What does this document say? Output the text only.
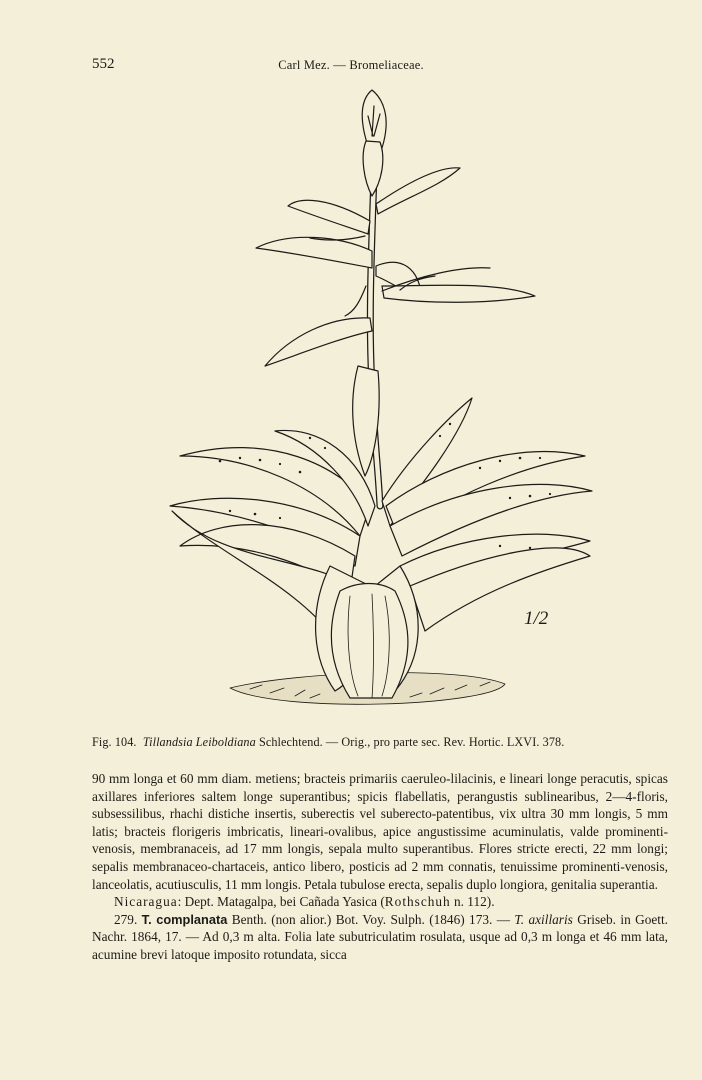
552	Carl Mez. — Bromeliaceae.
1/2
Fig. 104. Tillandsia Leiboldiana Schlechtend. — Orig., pro parte sec. Rev. Hortic. LXVI. 378.

90 mm longa et 60 mm diam. metiens; bracteis primariis caeruleo-lilacinis, e lineari longe peracutis, spicas axillares inferiores saltem longe superantibus; spicis flabellatis, perangustis sublinearibus, 2—4-floris, subsessilibus, rhachi distiche insertis, suberectis vel suberecto-patentibus, vix ultra 30 mm longis, 5 mm latis; bracteis florigeris imbricatis, lineari-ovalibus, apice angustissime acuminulatis, valde prominenti-venosis, membranaceis, ad 17 mm longis, sepala multo superantibus. Flores stricte erecti, 22 mm longi; sepalis membranaceo-chartaceis, antico libero, posticis ad 2 mm connatis, tenuissime prominenti-venosis, lanceolatis, acutiusculis, 11 mm longis. Petala tubulose erecta, sepalis duplo longiora, genitalia superantia.

Nicaragua: Dept. Matagalpa, bei Cañada Yasica (Rothschuh n. 112).

279. T. complanata Benth. (non alior.) Bot. Voy. Sulph. (1846) 173. — T. axillaris Griseb. in Goett. Nachr. 1864, 17. — Ad 0,3 m alta. Folia late subutriculatim rosulata, usque ad 0,3 m longa et 46 mm lata, acumine brevi latoque imposito rotundata, sicca
